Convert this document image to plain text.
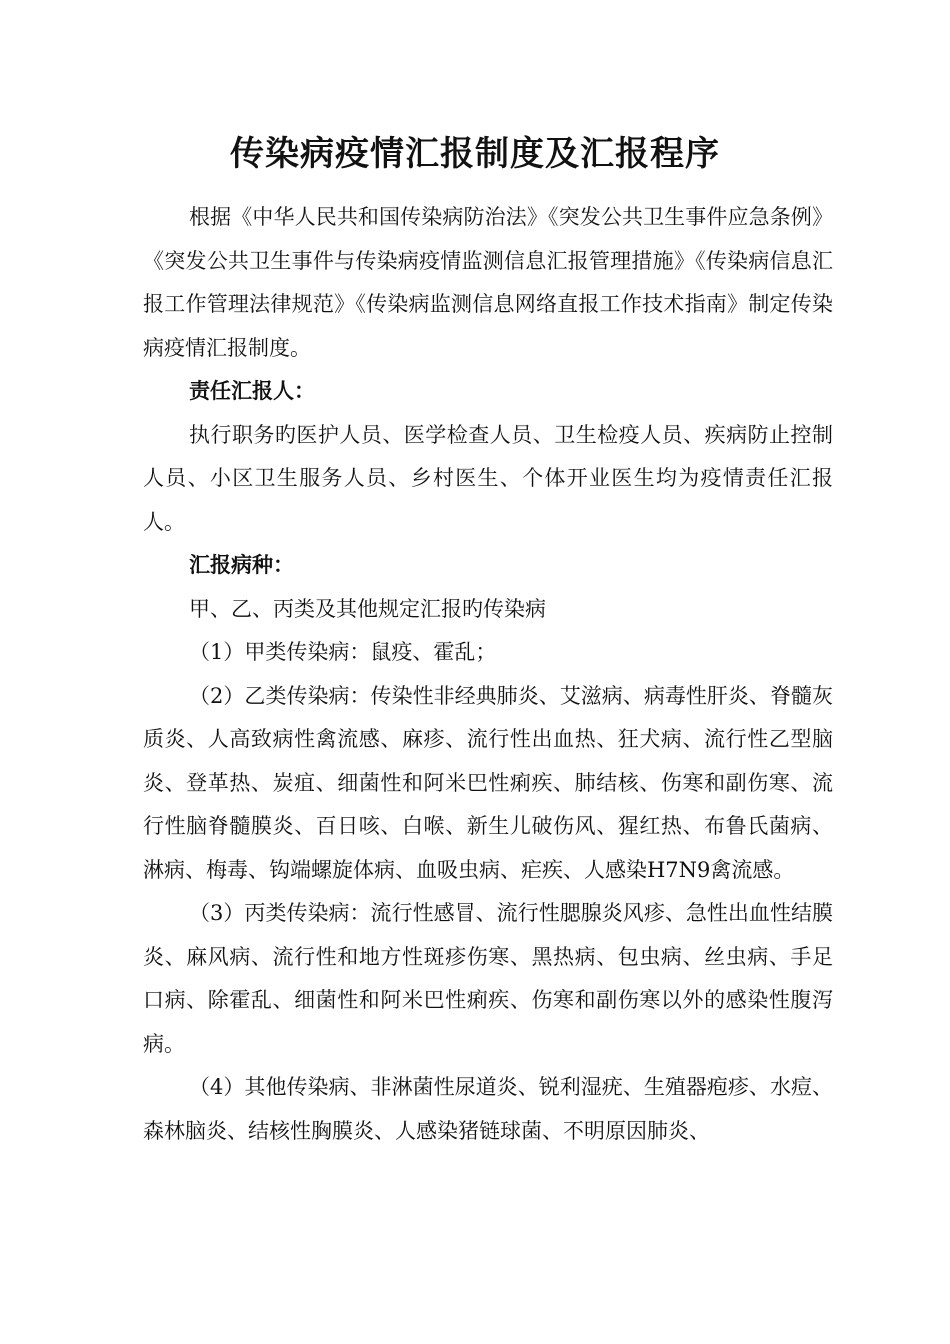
传染病疫情汇报制度及汇报程序

根据《中华人民共和国传染病防治法》《突发公共卫生事件应急条例》《突发公共卫生事件与传染病疫情监测信息汇报管理措施》《传染病信息汇报工作管理法律规范》《传染病监测信息网络直报工作技术指南》制定传染病疫情汇报制度。

责任汇报人：

执行职务旳医护人员、医学检查人员、卫生检疫人员、疾病防止控制人员、小区卫生服务人员、乡村医生、个体开业医生均为疫情责任汇报人。

汇报病种：

甲、乙、丙类及其他规定汇报旳传染病

（1）甲类传染病：鼠疫、霍乱；

（2）乙类传染病：传染性非经典肺炎、艾滋病、病毒性肝炎、脊髓灰质炎、人高致病性禽流感、麻疹、流行性出血热、狂犬病、流行性乙型脑炎、登革热、炭疽、细菌性和阿米巴性痢疾、肺结核、伤寒和副伤寒、流行性脑脊髓膜炎、百日咳、白喉、新生儿破伤风、猩红热、布鲁氏菌病、淋病、梅毒、钩端螺旋体病、血吸虫病、疟疾、人感染H7N9禽流感。

（3）丙类传染病：流行性感冒、流行性腮腺炎风疹、急性出血性结膜炎、麻风病、流行性和地方性斑疹伤寒、黑热病、包虫病、丝虫病、手足口病、除霍乱、细菌性和阿米巴性痢疾、伤寒和副伤寒以外的感染性腹泻病。

（4）其他传染病、非淋菌性尿道炎、锐利湿疣、生殖器疱疹、水痘、森林脑炎、结核性胸膜炎、人感染猪链球菌、不明原因肺炎、
